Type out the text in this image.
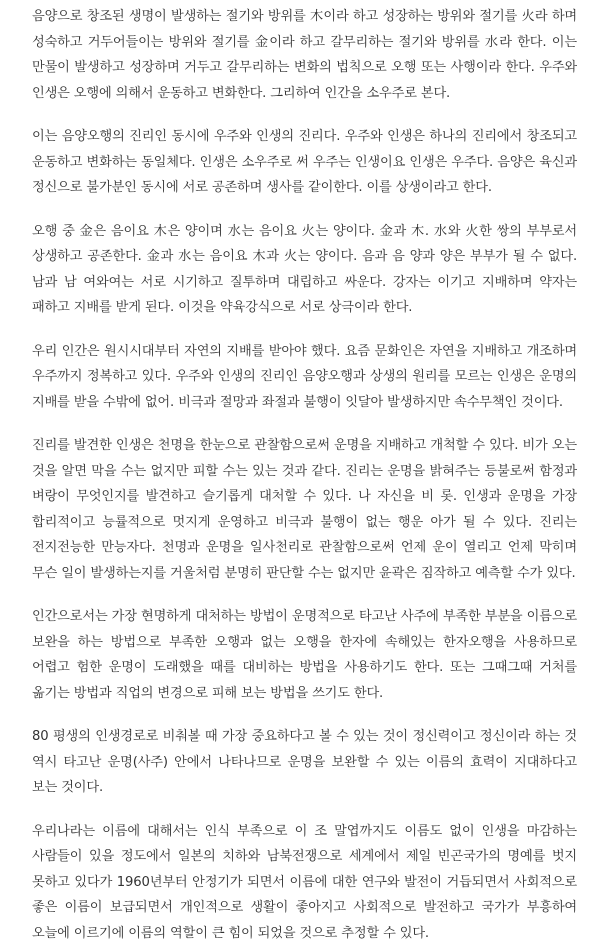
음양으로 창조된 생명이 발생하는 절기와 방위를 木이라 하고 성장하는 방위와 절기를 火라 하며 성숙하고 거두어들이는 방위와 절기를 金이라 하고 갈무리하는 절기와 방위를 水라 한다. 이는 만물이 발생하고 성장하며 거두고 갈무리하는 변화의 법칙으로 오행 또는 사행이라 한다. 우주와 인생은 오행에 의해서 운동하고 변화한다. 그리하여 인간을 소우주로 본다.

이는 음양오행의 진리인 동시에 우주와 인생의 진리다. 우주와 인생은 하나의 진리에서 창조되고 운동하고 변화하는 동일체다. 인생은 소우주로 써 우주는 인생이요 인생은 우주다. 음양은 육신과 정신으로 불가분인 동시에 서로 공존하며 생사를 같이한다. 이를 상생이라고 한다.

오행 중 金은 음이요 木은 양이며 水는 음이요 火는 양이다. 金과 木. 水와 火한 쌍의 부부로서 상생하고 공존한다. 金과 水는 음이요 木과 火는 양이다. 음과 음 양과 양은 부부가 될 수 없다. 남과 남 여와여는 서로 시기하고 질투하며 대립하고 싸운다. 강자는 이기고 지배하며 약자는 패하고 지배를 받게 된다. 이것을 약육강식으로 서로 상극이라 한다.

우리 인간은 원시시대부터 자연의 지배를 받아야 했다. 요즘 문화인은 자연을 지배하고 개조하며 우주까지 정복하고 있다. 우주와 인생의 진리인 음양오행과 상생의 원리를 모르는 인생은 운명의 지배를 받을 수밖에 없어. 비극과 절망과 좌절과 불행이 잇달아 발생하지만 속수무책인 것이다.

진리를 발견한 인생은 천명을 한눈으로 관찰함으로써 운명을 지배하고 개척할 수 있다. 비가 오는 것을 알면 막을 수는 없지만 피할 수는 있는 것과 같다. 진리는 운명을 밝혀주는 등불로써 함정과 벼랑이 무엇인지를 발견하고 슬기롭게 대처할 수 있다. 나 자신을 비 롯. 인생과 운명을 가장 합리적이고 능률적으로 멋지게 운영하고 비극과 불행이 없는 행운 아가 될 수 있다. 진리는 전지전능한 만능자다. 천명과 운명을 일사천리로 관찰함으로써 언제 운이 열리고 언제 막히며 무슨 일이 발생하는지를 거울처럼 분명히 판단할 수는 없지만 윤곽은 짐작하고 예측할 수가 있다.

인간으로서는 가장 현명하게 대처하는 방법이 운명적으로 타고난 사주에 부족한 부분을 이름으로 보완을 하는 방법으로 부족한 오행과 없는 오행을 한자에 속해있는 한자오행을 사용하므로 어렵고 험한 운명이 도래했을 때를 대비하는 방법을 사용하기도 한다. 또는 그때그때 거처를 옮기는 방법과 직업의 변경으로 피해 보는 방법을 쓰기도 한다.

80 평생의 인생경로로 비춰볼 때 가장 중요하다고 볼 수 있는 것이 정신력이고 정신이라 하는 것 역시 타고난 운명(사주) 안에서 나타나므로 운명을 보완할 수 있는 이름의 효력이 지대하다고 보는 것이다.

우리나라는 이름에 대해서는 인식 부족으로 이 조 말엽까지도 이름도 없이 인생을 마감하는 사람들이 있을 정도에서 일본의 치하와 남북전쟁으로 세계에서 제일 빈곤국가의 명예를 벗지 못하고 있다가 1960년부터 안정기가 되면서 이름에 대한 연구와 발전이 거듭되면서 사회적으로 좋은 이름이 보급되면서 개인적으로 생활이 좋아지고 사회적으로 발전하고 국가가 부흥하여 오늘에 이르기에 이름의 역할이 큰 힘이 되었을 것으로 추정할 수 있다.
